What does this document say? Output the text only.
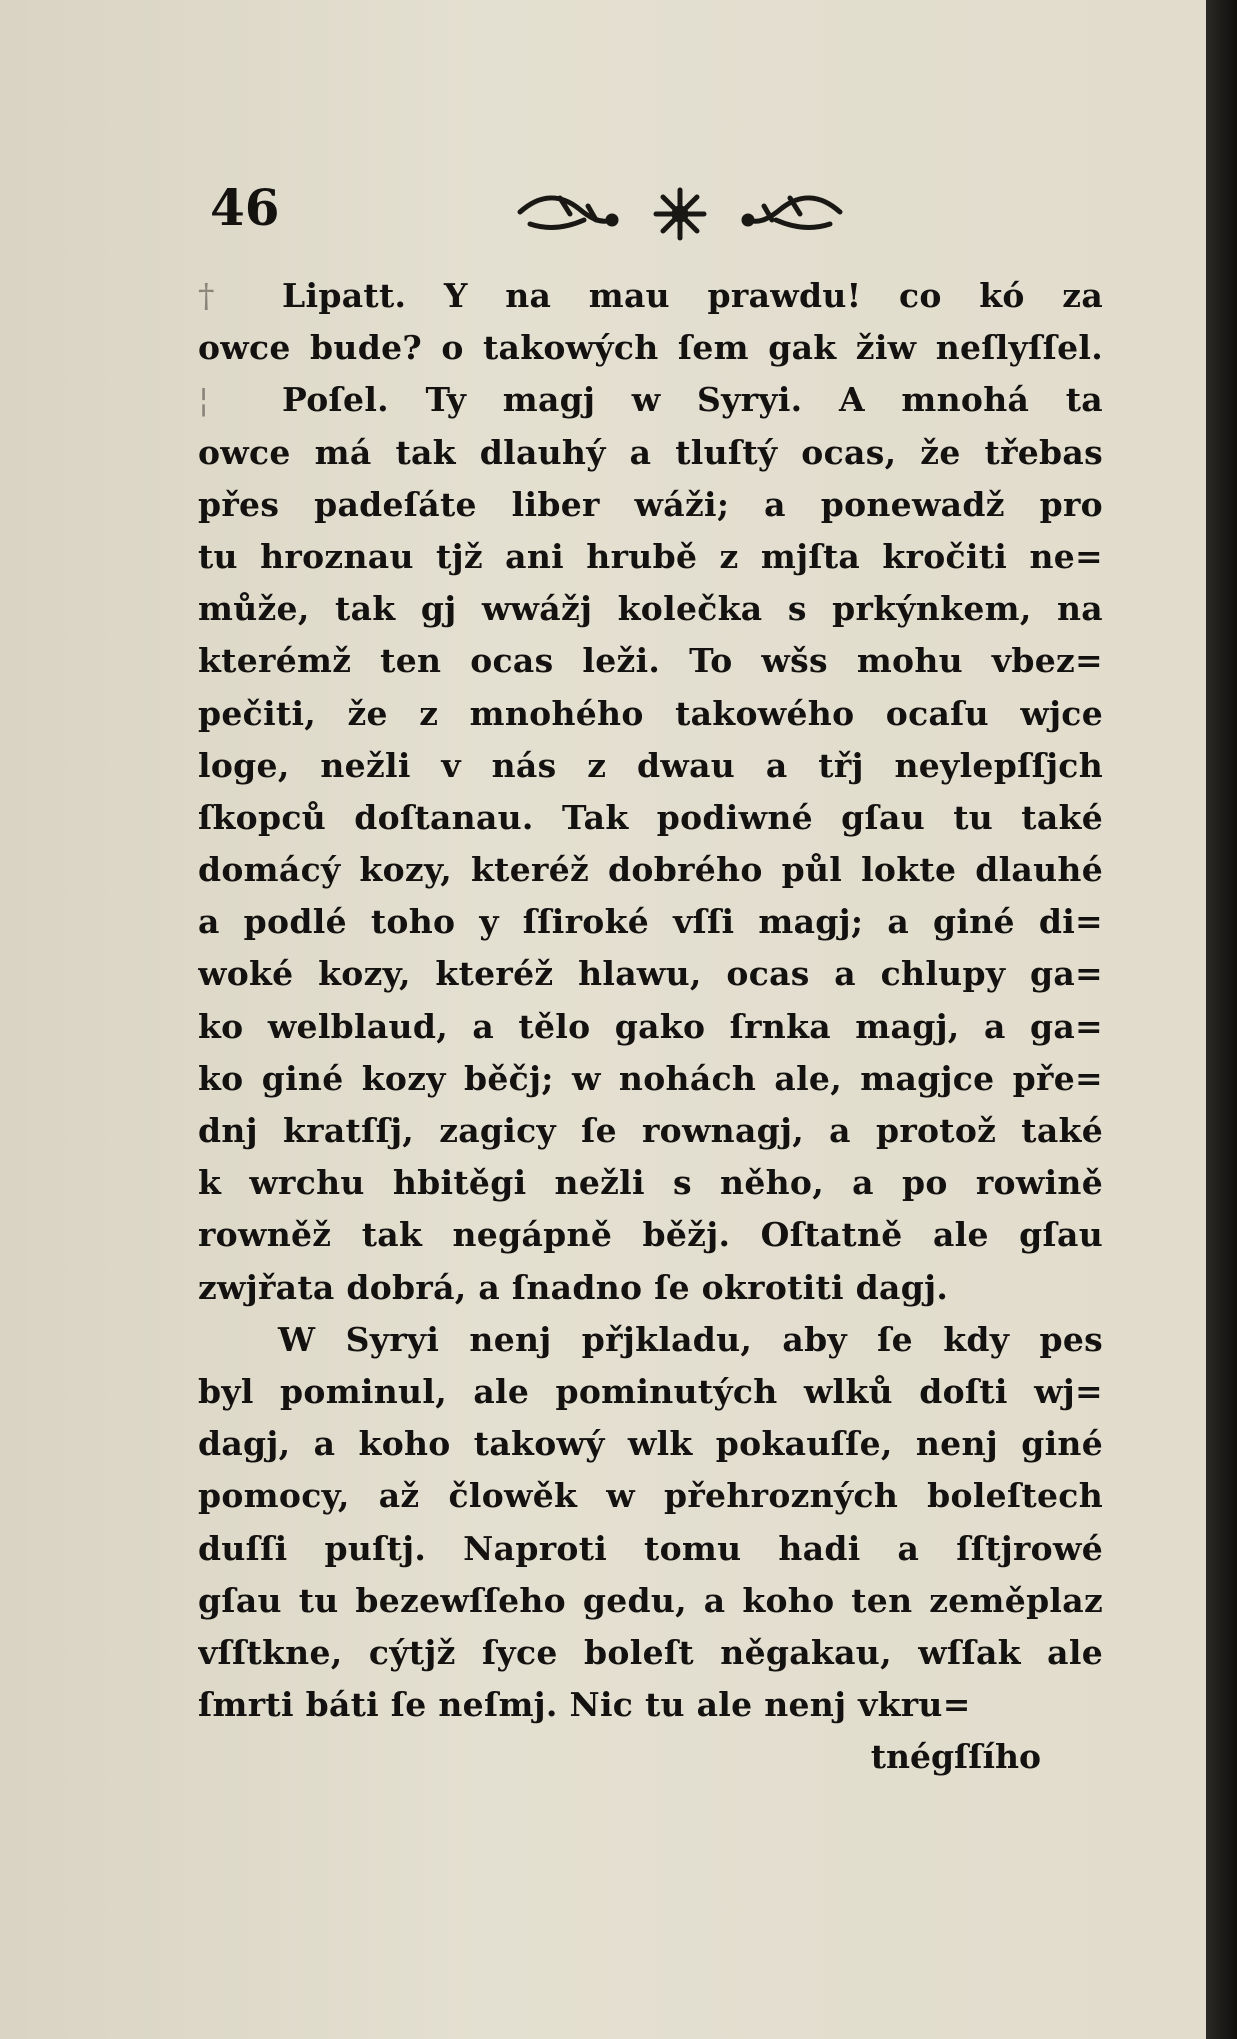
46
† Lipatt. Y na mau prawdu! co kó za
owce bude? o takowých ſem gak žiw neſlyſſel.
¦ Poſel. Ty magj w Syryi. A mnohá ta
owce má tak dlauhý a tluſtý ocas, že třebas
přes padeſáte liber wáži; a ponewadž pro
tu hroznau tjž ani hrubě z mjſta kročiti ne=
může, tak gj wwážj kolečka s prkýnkem, na
kterémž ten ocas leži. To wšs mohu vbez=
pečiti, že z mnohého takowého ocaſu wjce
loge, nežli v nás z dwau a třj neylepſſjch
ſkopců doſtanau. Tak podiwné gſau tu také
domácý kozy, kteréž dobrého půl lokte dlauhé
a podlé toho y ſſiroké vſſi magj; a giné di=
woké kozy, kteréž hlawu, ocas a chlupy ga=
ko welblaud, a tělo gako ſrnka magj, a ga=
ko giné kozy běčj; w nohách ale, magjce pře=
dnj kratſſj, zagicy ſe rownagj, a protož také
k wrchu hbitěgi nežli s něho, a po rowině
rowněž tak negápně běžj. Oſtatně ale gſau
zwjřata dobrá, a ſnadno ſe okrotiti dagj.
W Syryi nenj přjkladu, aby ſe kdy pes
byl pominul, ale pominutých wlků doſti wj=
dagj, a koho takowý wlk pokauſſe, nenj giné
pomocy, až člowěk w přehrozných boleſtech
duſſi puſtj. Naproti tomu hadi a ſſtjrowé
gſau tu bezewſſeho gedu, a koho ten zeměplaz
vſſtkne, cýtjž ſyce boleſt něgakau, wſſak ale
ſmrti báti ſe neſmj. Nic tu ale nenj vkru=
tnégſſího
